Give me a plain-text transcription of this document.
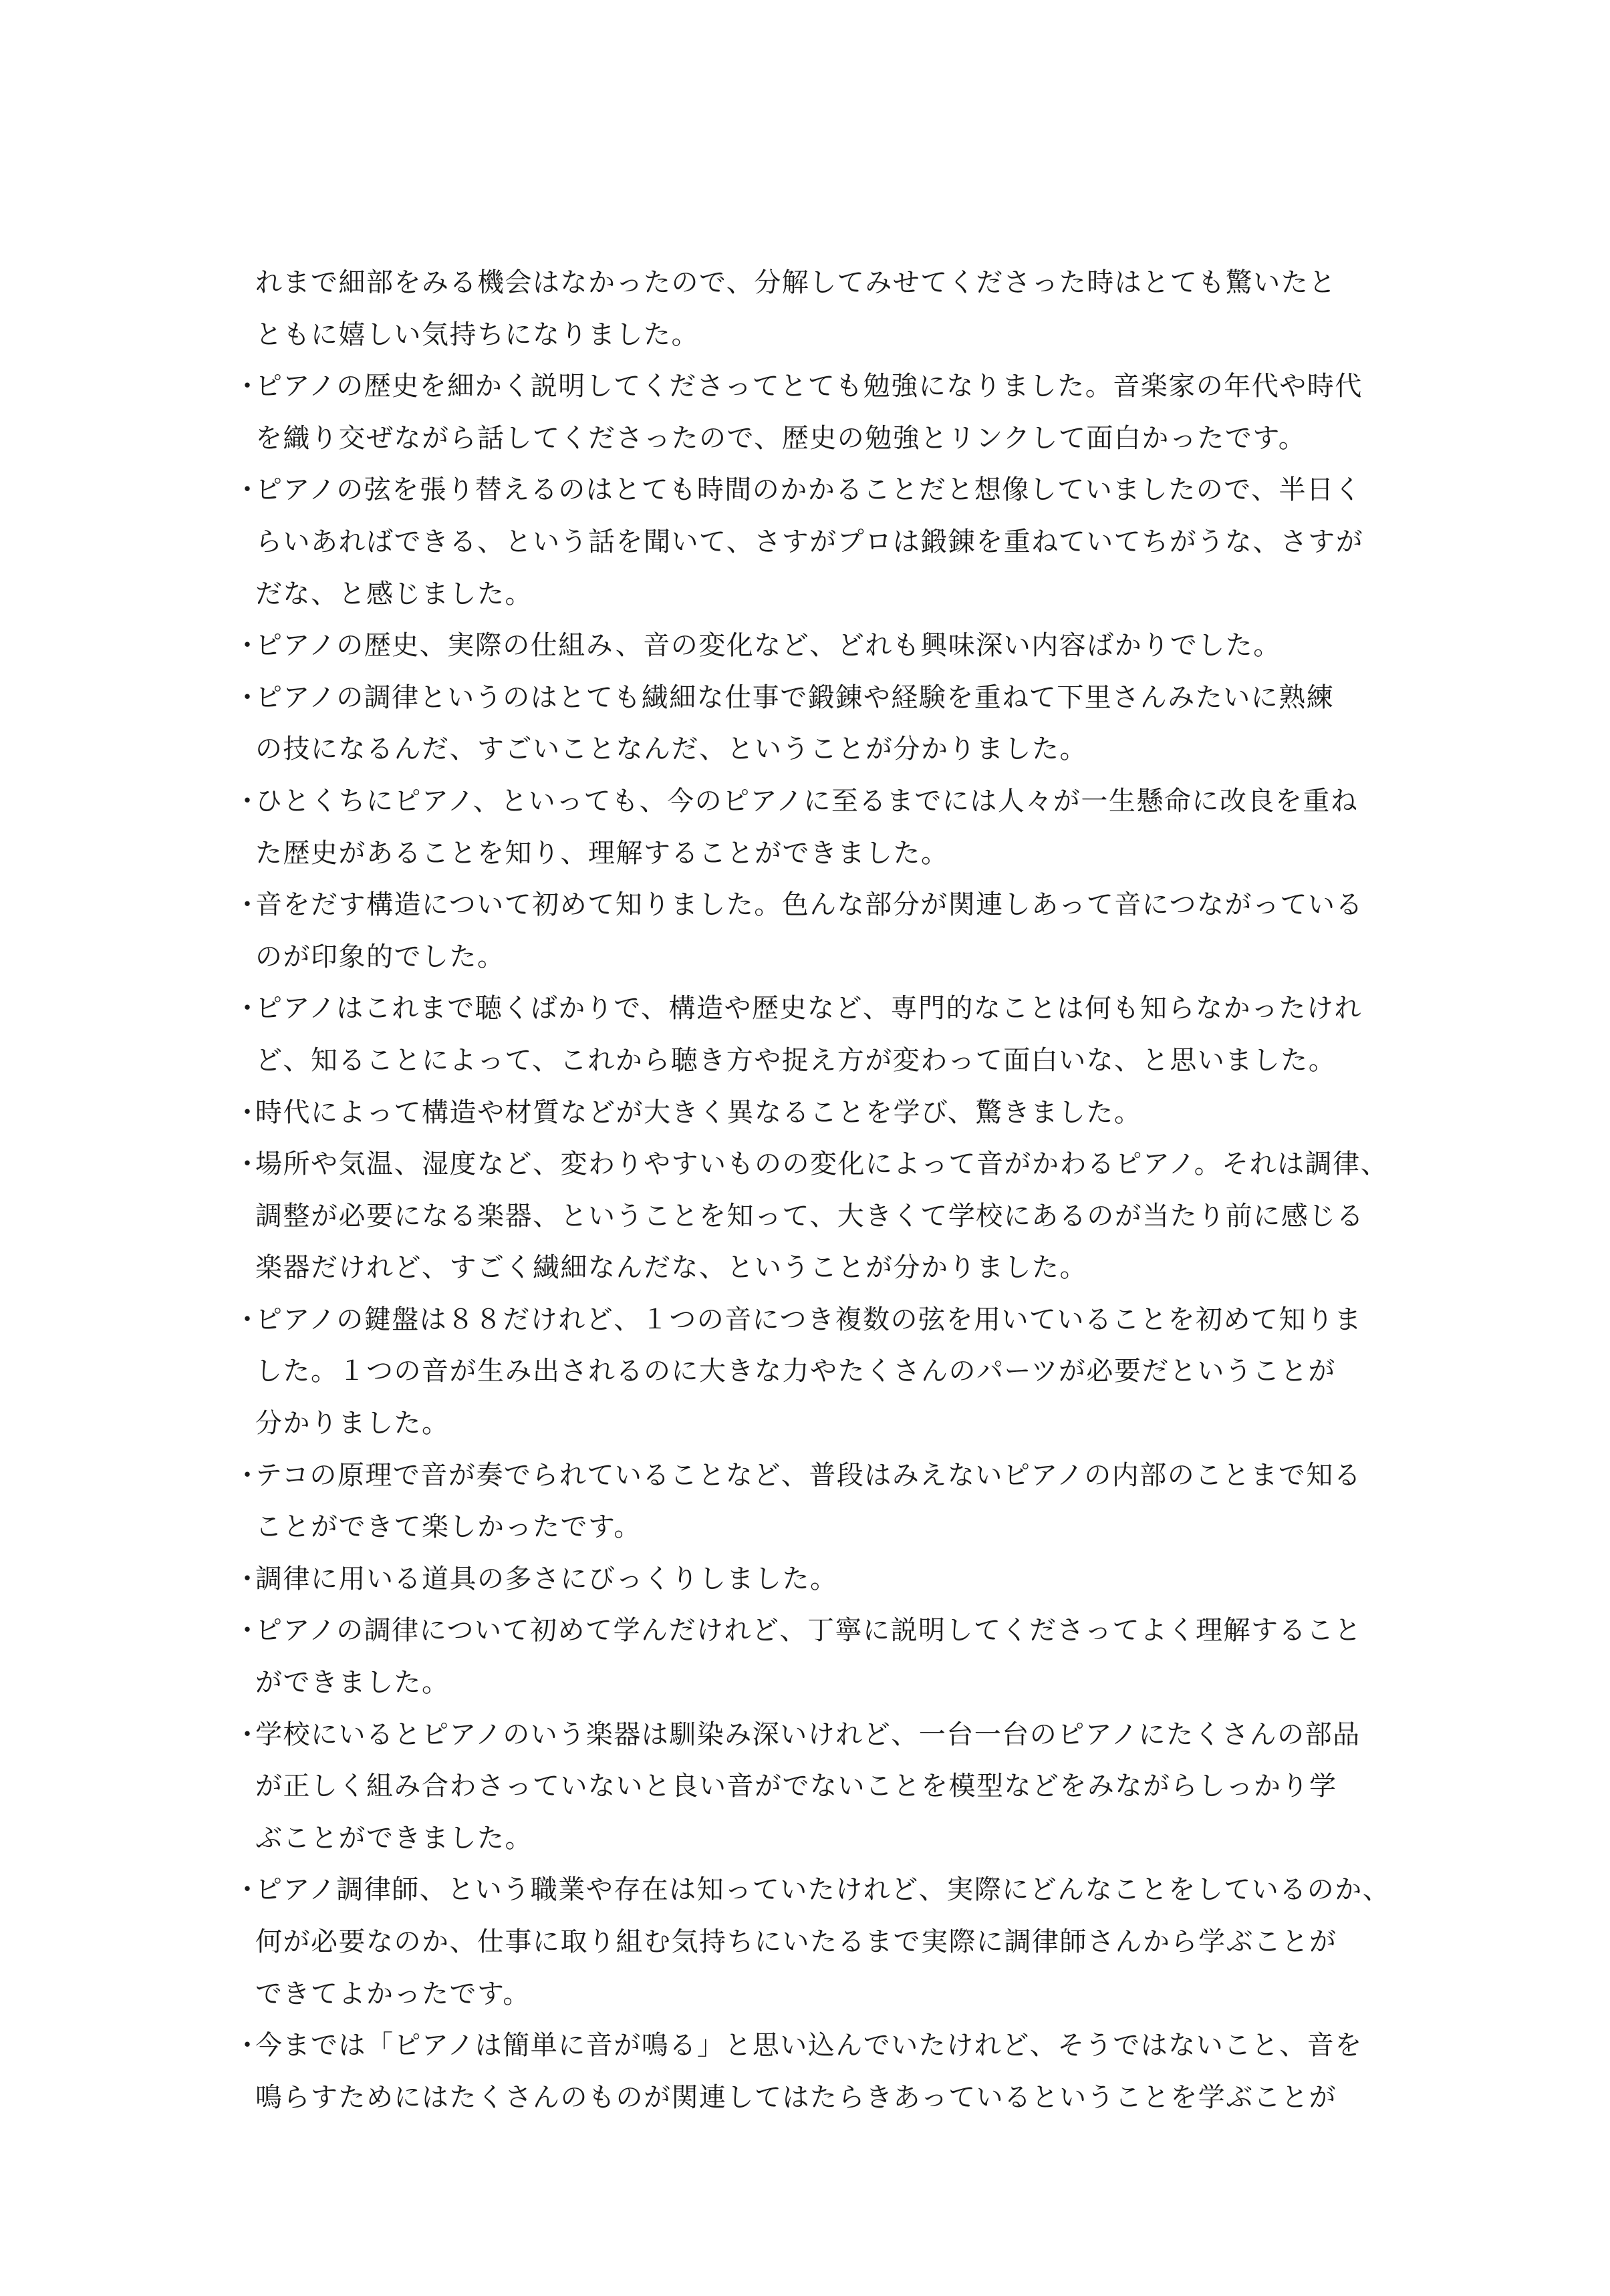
れまで細部をみる機会はなかったので、分解してみせてくださった時はとても驚いたと
ともに嬉しい気持ちになりました。
・
ピアノの歴史を細かく説明してくださってとても勉強になりました。音楽家の年代や時代
を織り交ぜながら話してくださったので、歴史の勉強とリンクして面白かったです。
・
ピアノの弦を張り替えるのはとても時間のかかることだと想像していましたので、半日く
らいあればできる、という話を聞いて、さすがプロは鍛錬を重ねていてちがうな、さすが
だな、と感じました。
・
ピアノの歴史、実際の仕組み、音の変化など、どれも興味深い内容ばかりでした。
・
ピアノの調律というのはとても繊細な仕事で鍛錬や経験を重ねて下里さんみたいに熟練
の技になるんだ、すごいことなんだ、ということが分かりました。
・
ひとくちにピアノ、といっても、今のピアノに至るまでには人々が一生懸命に改良を重ね
た歴史があることを知り、理解することができました。
・
音をだす構造について初めて知りました。色んな部分が関連しあって音につながっている
のが印象的でした。
・
ピアノはこれまで聴くばかりで、構造や歴史など、専門的なことは何も知らなかったけれ
ど、知ることによって、これから聴き方や捉え方が変わって面白いな、と思いました。
・
時代によって構造や材質などが大きく異なることを学び、驚きました。
・
場所や気温、湿度など、変わりやすいものの変化によって音がかわるピアノ。それは調律、
調整が必要になる楽器、ということを知って、大きくて学校にあるのが当たり前に感じる
楽器だけれど、すごく繊細なんだな、ということが分かりました。
・
ピアノの鍵盤は８８だけれど、１つの音につき複数の弦を用いていることを初めて知りま
した。１つの音が生み出されるのに大きな力やたくさんのパーツが必要だということが
分かりました。
・
テコの原理で音が奏でられていることなど、普段はみえないピアノの内部のことまで知る
ことができて楽しかったです。
・
調律に用いる道具の多さにびっくりしました。
・
ピアノの調律について初めて学んだけれど、丁寧に説明してくださってよく理解すること
ができました。
・
学校にいるとピアノのいう楽器は馴染み深いけれど、一台一台のピアノにたくさんの部品
が正しく組み合わさっていないと良い音がでないことを模型などをみながらしっかり学
ぶことができました。
・
ピアノ調律師、という職業や存在は知っていたけれど、実際にどんなことをしているのか、
何が必要なのか、仕事に取り組む気持ちにいたるまで実際に調律師さんから学ぶことが
できてよかったです。
・
今までは「ピアノは簡単に音が鳴る」と思い込んでいたけれど、そうではないこと、音を
鳴らすためにはたくさんのものが関連してはたらきあっているということを学ぶことが
